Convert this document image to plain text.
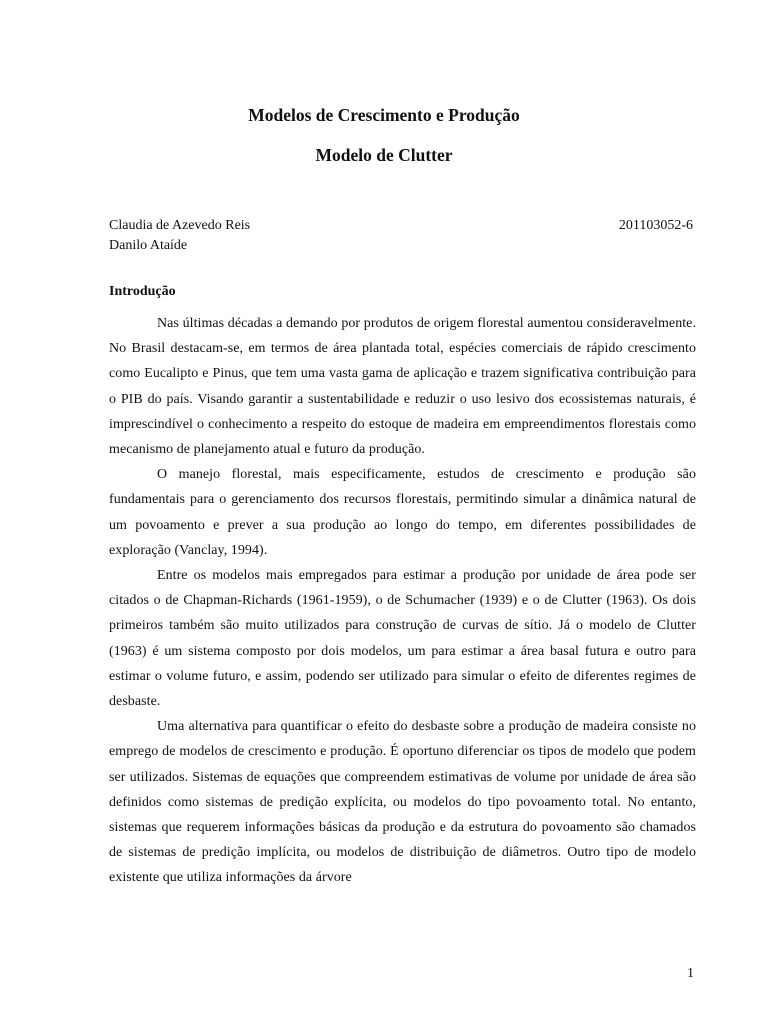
Modelos de Crescimento e Produção
Modelo de Clutter
Claudia de Azevedo Reis	201103052-6
Danilo Ataíde
Introdução

Nas últimas décadas a demando por produtos de origem florestal aumentou consideravelmente. No Brasil destacam-se, em termos de área plantada total, espécies comerciais de rápido crescimento como Eucalipto e Pinus, que tem uma vasta gama de aplicação e trazem significativa contribuição para o PIB do país. Visando garantir a sustentabilidade e reduzir o uso lesivo dos ecossistemas naturais, é imprescindível o conhecimento a respeito do estoque de madeira em empreendimentos florestais como mecanismo de planejamento atual e futuro da produção.

O manejo florestal, mais especificamente, estudos de crescimento e produção são fundamentais para o gerenciamento dos recursos florestais, permitindo simular a dinâmica natural de um povoamento e prever a sua produção ao longo do tempo, em diferentes possibilidades de exploração (Vanclay, 1994).

Entre os modelos mais empregados para estimar a produção por unidade de área pode ser citados o de Chapman-Richards (1961-1959), o de Schumacher (1939) e o de Clutter (1963). Os dois primeiros também são muito utilizados para construção de curvas de sítio. Já o modelo de Clutter (1963) é um sistema composto por dois modelos, um para estimar a área basal futura e outro para estimar o volume futuro, e assim, podendo ser utilizado para simular o efeito de diferentes regimes de desbaste.

Uma alternativa para quantificar o efeito do desbaste sobre a produção de madeira consiste no emprego de modelos de crescimento e produção. É oportuno diferenciar os tipos de modelo que podem ser utilizados. Sistemas de equações que compreendem estimativas de volume por unidade de área são definidos como sistemas de predição explícita, ou modelos do tipo povoamento total. No entanto, sistemas que requerem informações básicas da produção e da estrutura do povoamento são chamados de sistemas de predição implícita, ou modelos de distribuição de diâmetros. Outro tipo de modelo existente que utiliza informações da árvore

1
